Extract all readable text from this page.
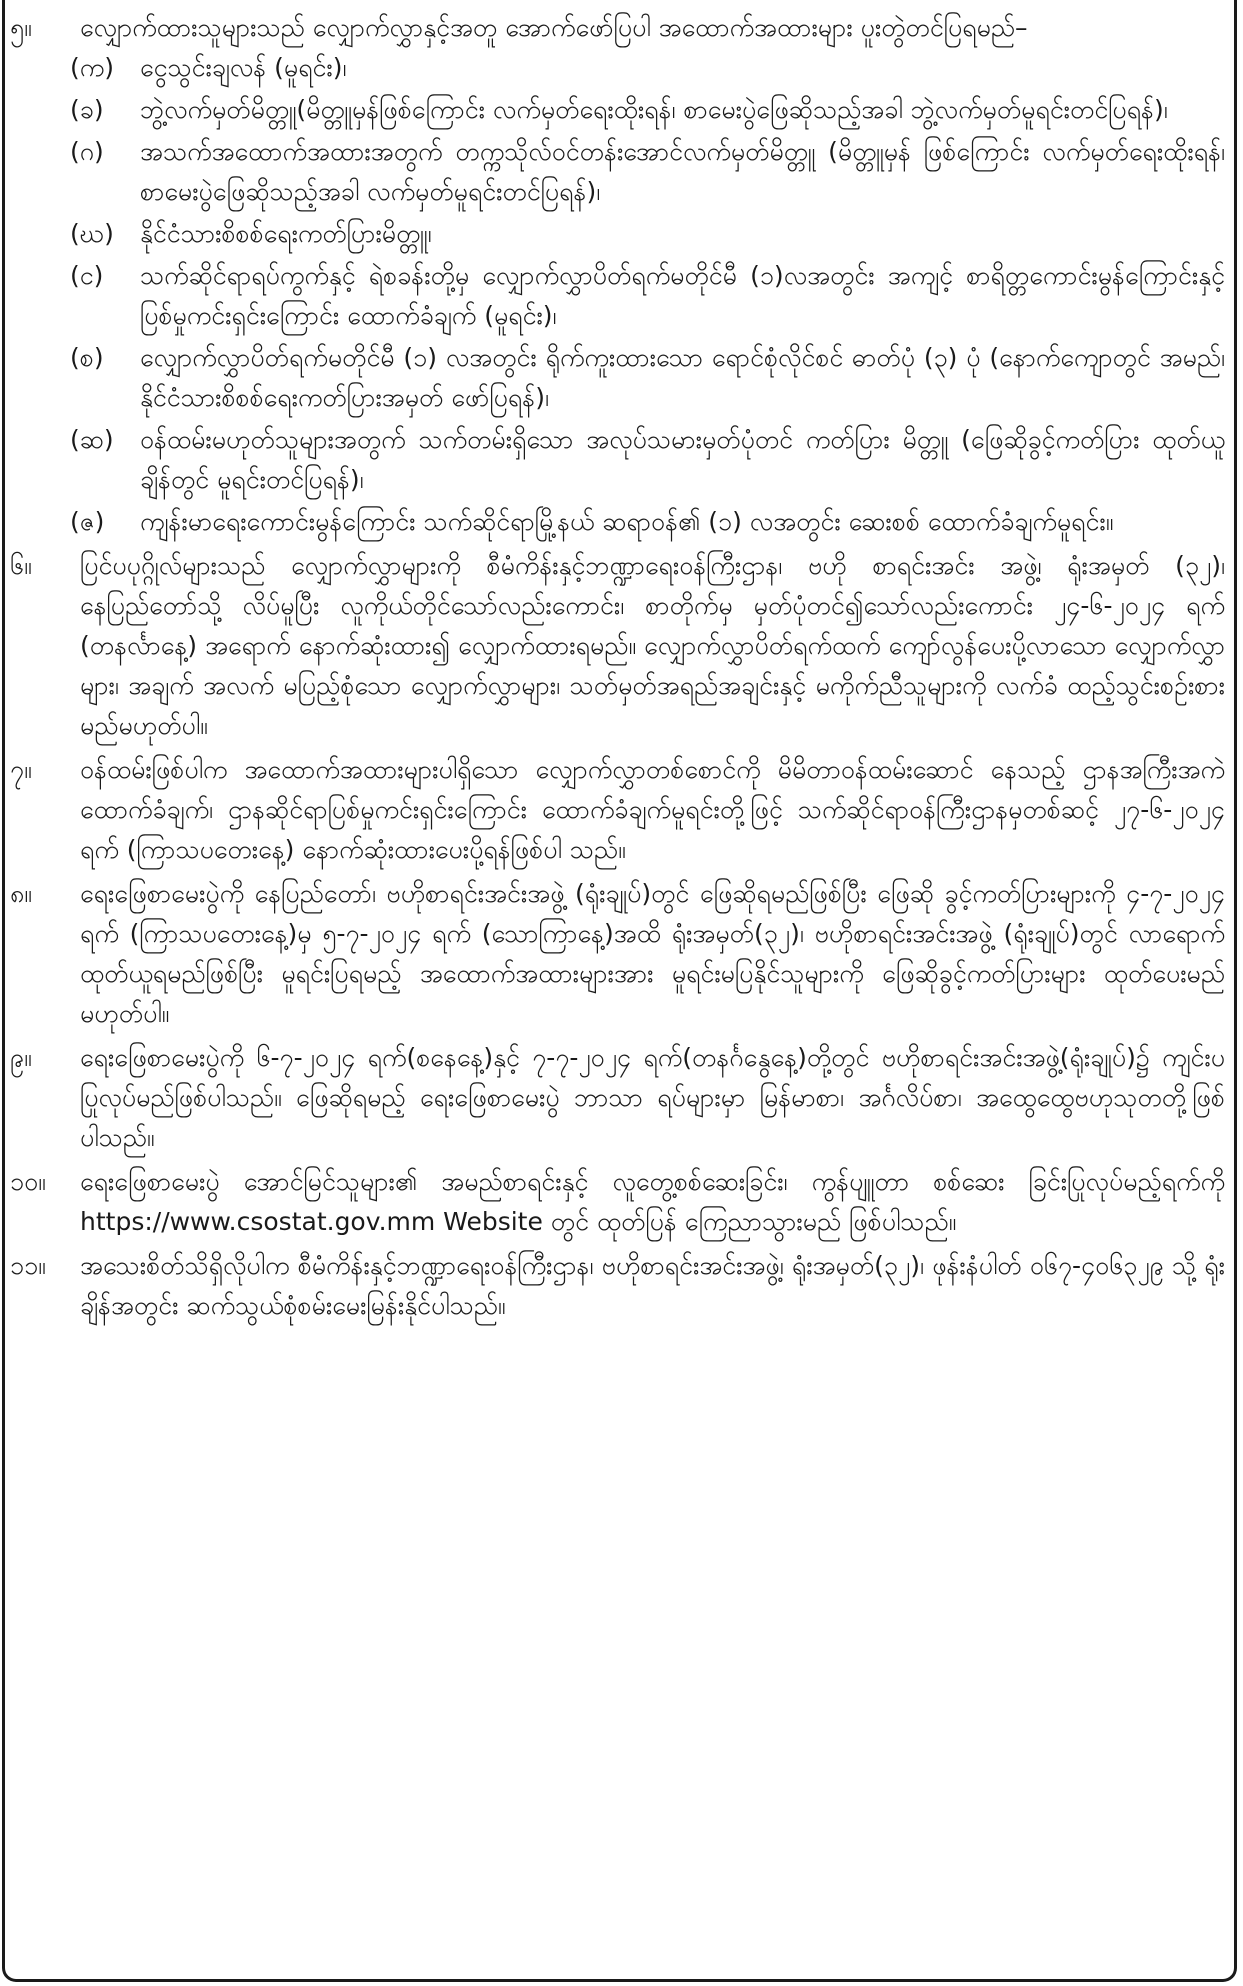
၅။	လျှောက်ထားသူများသည် လျှောက်လွှာနှင့်အတူ အောက်ဖော်ပြပါ အထောက်အထားများ ပူးတွဲတင်ပြရမည်–
(က)	ငွေသွင်းချလန် (မူရင်း)၊
(ခ)	ဘွဲ့လက်မှတ်မိတ္တူ(မိတ္တူမှန်ဖြစ်ကြောင်း လက်မှတ်ရေးထိုးရန်၊ စာမေးပွဲဖြေဆိုသည့်အခါ ဘွဲ့လက်မှတ်မူရင်းတင်ပြရန်)၊
(ဂ)	အသက်အထောက်အထားအတွက် တက္ကသိုလ်ဝင်တန်းအောင်လက်မှတ်မိတ္တူ (မိတ္တူမှန် ဖြစ်ကြောင်း လက်မှတ်ရေးထိုးရန်၊ စာမေးပွဲဖြေဆိုသည့်အခါ လက်မှတ်မူရင်းတင်ပြရန်)၊
(ဃ)	နိုင်ငံသားစိစစ်ရေးကတ်ပြားမိတ္တူ၊
(င)	သက်ဆိုင်ရာရပ်ကွက်နှင့် ရဲစခန်းတို့မှ လျှောက်လွှာပိတ်ရက်မတိုင်မီ (၁)လအတွင်း အကျင့် စာရိတ္တကောင်းမွန်ကြောင်းနှင့် ပြစ်မှုကင်းရှင်းကြောင်း ထောက်ခံချက် (မူရင်း)၊
(စ)	လျှောက်လွှာပိတ်ရက်မတိုင်မီ (၁) လအတွင်း ရိုက်ကူးထားသော ရောင်စုံလိုင်စင် ဓာတ်ပုံ (၃) ပုံ (နောက်ကျောတွင် အမည်၊ နိုင်ငံသားစိစစ်ရေးကတ်ပြားအမှတ် ဖော်ပြရန်)၊
(ဆ)	ဝန်ထမ်းမဟုတ်သူများအတွက် သက်တမ်းရှိသော အလုပ်သမားမှတ်ပုံတင် ကတ်ပြား မိတ္တူ (ဖြေဆိုခွင့်ကတ်ပြား ထုတ်ယူချိန်တွင် မူရင်းတင်ပြရန်)၊
(ဇ)	ကျန်းမာရေးကောင်းမွန်ကြောင်း သက်ဆိုင်ရာမြို့နယ် ဆရာဝန်၏ (၁) လအတွင်း ဆေးစစ် ထောက်ခံချက်မူရင်း။
၆။	ပြင်ပပုဂ္ဂိုလ်များသည် လျှောက်လွှာများကို စီမံကိန်းနှင့်ဘဏ္ဍာရေးဝန်ကြီးဌာန၊ ဗဟို စာရင်းအင်း အဖွဲ့၊ ရုံးအမှတ် (၃၂)၊ နေပြည်တော်သို့ လိပ်မူပြီး လူကိုယ်တိုင်သော်လည်းကောင်း၊ စာတိုက်မှ မှတ်ပုံတင်၍သော်လည်းကောင်း ၂၄-၆-၂၀၂၄ ရက် (တနင်္လာနေ့) အရောက် နောက်ဆုံးထား၍ လျှောက်ထားရမည်။ လျှောက်လွှာပိတ်ရက်ထက် ကျော်လွန်ပေးပို့လာသော လျှောက်လွှာများ၊ အချက် အလက် မပြည့်စုံသော လျှောက်လွှာများ၊ သတ်မှတ်အရည်အချင်းနှင့် မကိုက်ညီသူများကို လက်ခံ ထည့်သွင်းစဉ်းစားမည်မဟုတ်ပါ။
၇။	ဝန်ထမ်းဖြစ်ပါက အထောက်အထားများပါရှိသော လျှောက်လွှာတစ်စောင်ကို မိမိတာဝန်ထမ်းဆောင် နေသည့် ဌာနအကြီးအကဲထောက်ခံချက်၊ ဌာနဆိုင်ရာပြစ်မှုကင်းရှင်းကြောင်း ထောက်ခံချက်မူရင်းတို့ဖြင့် သက်ဆိုင်ရာဝန်ကြီးဌာနမှတစ်ဆင့် ၂၇-၆-၂၀၂၄ ရက် (ကြာသပတေးနေ့) နောက်ဆုံးထားပေးပို့ရန်ဖြစ်ပါ သည်။
၈။	ရေးဖြေစာမေးပွဲကို နေပြည်တော်၊ ဗဟိုစာရင်းအင်းအဖွဲ့ (ရုံးချုပ်)တွင် ဖြေဆိုရမည်ဖြစ်ပြီး ဖြေဆို ခွင့်ကတ်ပြားများကို ၄-၇-၂၀၂၄ ရက် (ကြာသပတေးနေ့)မှ ၅-၇-၂၀၂၄ ရက် (သောကြာနေ့)အထိ ရုံးအမှတ်(၃၂)၊ ဗဟိုစာရင်းအင်းအဖွဲ့ (ရုံးချုပ်)တွင် လာရောက်ထုတ်ယူရမည်ဖြစ်ပြီး မူရင်းပြရမည့် အထောက်အထားများအား မူရင်းမပြနိုင်သူများကို ဖြေဆိုခွင့်ကတ်ပြားများ ထုတ်ပေးမည်မဟုတ်ပါ။
၉။	ရေးဖြေစာမေးပွဲကို ၆-၇-၂၀၂၄ ရက်(စနေနေ့)နှင့် ၇-၇-၂၀၂၄ ရက်(တနင်္ဂနွေနေ့)တို့တွင် ဗဟိုစာရင်းအင်းအဖွဲ့(ရုံးချုပ်)၌ ကျင်းပပြုလုပ်မည်ဖြစ်ပါသည်။ ဖြေဆိုရမည့် ရေးဖြေစာမေးပွဲ ဘာသာ ရပ်များမှာ မြန်မာစာ၊ အင်္ဂလိပ်စာ၊ အထွေထွေဗဟုသုတတို့ဖြစ်ပါသည်။
၁၀။	ရေးဖြေစာမေးပွဲ အောင်မြင်သူများ၏ အမည်စာရင်းနှင့် လူတွေ့စစ်ဆေးခြင်း၊ ကွန်ပျူတာ စစ်ဆေး ခြင်းပြုလုပ်မည့်ရက်ကို https://www.csostat.gov.mm Website တွင် ထုတ်ပြန် ကြေညာသွားမည် ဖြစ်ပါသည်။
၁၁။	အသေးစိတ်သိရှိလိုပါက စီမံကိန်းနှင့်ဘဏ္ဍာရေးဝန်ကြီးဌာန၊ ဗဟိုစာရင်းအင်းအဖွဲ့၊ ရုံးအမှတ်(၃၂)၊ ဖုန်းနံပါတ် ၀၆၇-၄၀၆၃၂၉ သို့ ရုံးချိန်အတွင်း ဆက်သွယ်စုံစမ်းမေးမြန်းနိုင်ပါသည်။
